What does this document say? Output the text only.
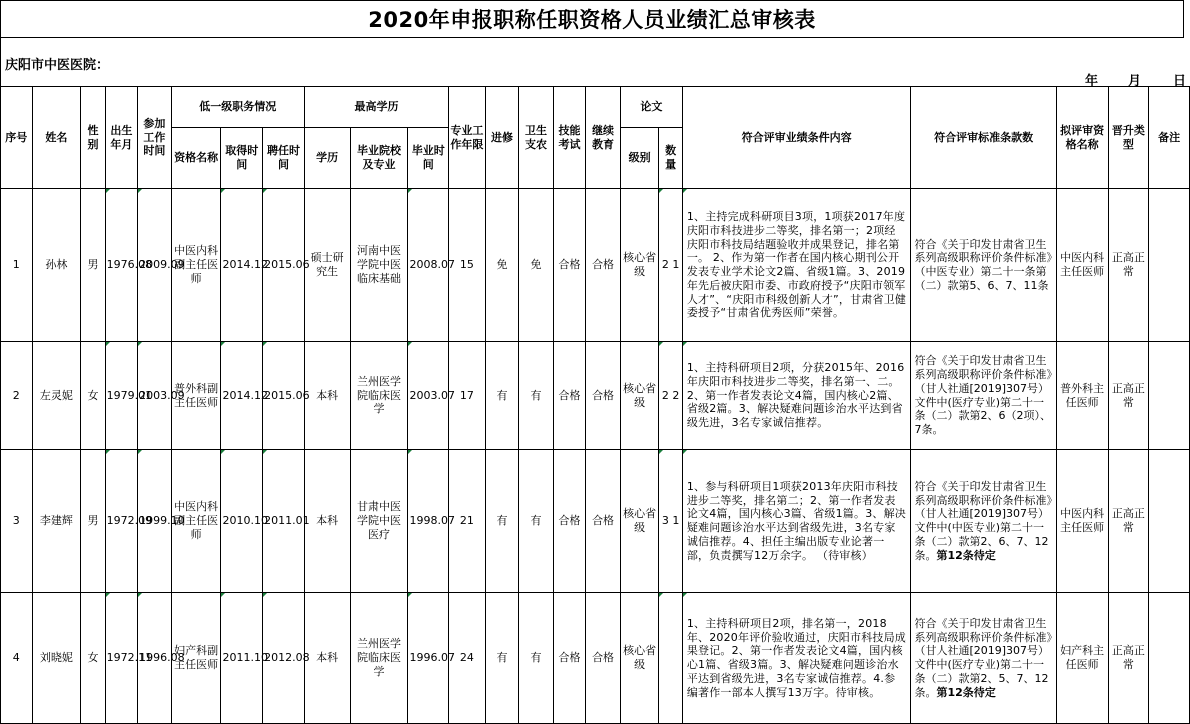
2020年申报职称任职资格人员业绩汇总审核表
庆阳市中医医院：
年 月 日
序号	姓名	性别	出生年月	参加工作时间	低一级职务情况			最高学历			专业工作年限	进修	卫生支农	技能考试	继续教育	论文		符合评审业绩条件内容	符合评审标准条款数	拟评审资格名称	晋升类型	备注
					资格名称	取得时间	聘任时间	学历	毕业院校及专业	毕业时间						级别	数量					
1	孙林	男	1976.08	2009.09	中医内科副主任医师	2014.12	2015.06	硕士研究生	河南中医学院中医临床基础	2008.07	15	免	免	合格	合格	核心省级	2 1	1、主持完成科研项目3项，1项获2017年度庆阳市科技进步二等奖，排名第一；2项经庆阳市科技局结题验收并成果登记，排名第一。 2、作为第一作者在国内核心期刊公开发表专业学术论文2篇、省级1篇。3、2019年先后被庆阳市委、市政府授予“庆阳市领军人才”、“庆阳市科级创新人才”，甘肃省卫健委授予“甘肃省优秀医师”荣誉。	符合《关于印发甘肃省卫生系列高级职称评价条件标准》（中医专业）第二十一条第（二）款第5、6、7、11条	中医内科主任医师	正高正常	
2	左灵妮	女	1979.01	2003.09	普外科副主任医师	2014.12	2015.06	本科	兰州医学院临床医学	2003.07	17	有	有	合格	合格	核心省级	2 2	1、主持科研项目2项，分获2015年、2016年庆阳市科技进步二等奖，排名第一、二。2、第一作者发表论文4篇，国内核心2篇、省级2篇。3、解决疑难问题诊治水平达到省级先进，3名专家诚信推荐。	符合《关于印发甘肃省卫生系列高级职称评价条件标准》（甘人社通[2019]307号）文件中(医疗专业)第二十一条（二）款第2、6（2项）、7条。	普外科主任医师	正高正常	
3	李建辉	男	1972.09	1999.10	中医内科副主任医师	2010.10	2011.01	本科	甘肃中医学院中医医疗	1998.07	21	有	有	合格	合格	核心省级	3 1	1、参与科研项目1项获2013年庆阳市科技进步二等奖，排名第二；2、第一作者发表论文4篇，国内核心3篇、省级1篇。3、解决疑难问题诊治水平达到省级先进，3名专家诚信推荐。4、担任主编出版专业论著一部，负责撰写12万余字。 （待审核）	符合《关于印发甘肃省卫生系列高级职称评价条件标准》（甘人社通[2019]307号）文件中(中医专业)第二十一条（二）款第2、6、7、12条。第12条待定	中医内科主任医师	正高正常	
4	刘晓妮	女	1972.11	1996.08	妇产科副主任医师	2011.10	2012.08	本科	兰州医学院临床医学	1996.07	24	有	有	合格	合格	核心省级		1、主持科研项目2项，排名第一，2018年、2020年评价验收通过，庆阳市科技局成果登记。2、第一作者发表论文4篇，国内核心1篇、省级3篇。3、解决疑难问题诊治水平达到省级先进，3名专家诚信推荐。4.参编著作一部本人撰写13万字。待审核。	符合《关于印发甘肃省卫生系列高级职称评价条件标准》（甘人社通[2019]307号）文件中(医疗专业)第二十一条（二）款第2、5、7、12条。第12条待定	妇产科主任医师	正高正常	
